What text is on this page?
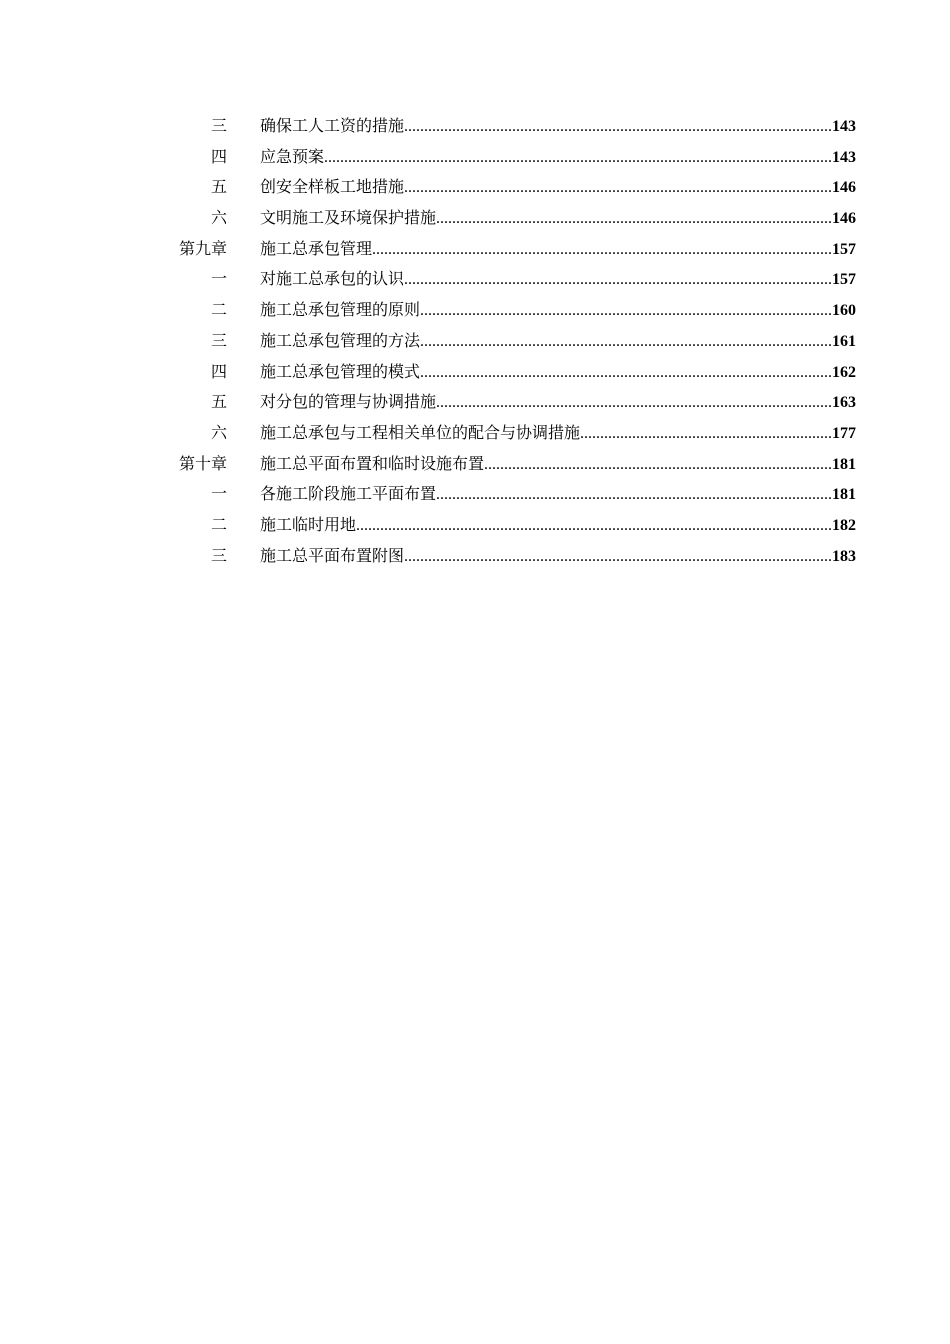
三 确保工人工资的措施 .....	143
四 应急预案 .....	143
五 创安全样板工地措施 .....	146
六 文明施工及环境保护措施 .....	146
第九章 施工总承包管理 .....	157
一 对施工总承包的认识 .....	157
二 施工总承包管理的原则 .....	160
三 施工总承包管理的方法 .....	161
四 施工总承包管理的模式 .....	162
五 对分包的管理与协调措施 .....	163
六 施工总承包与工程相关单位的配合与协调措施 .....	177
第十章 施工总平面布置和临时设施布置 .....	181
一 各施工阶段施工平面布置 .....	181
二 施工临时用地 .....	182
三 施工总平面布置附图 .....	183
